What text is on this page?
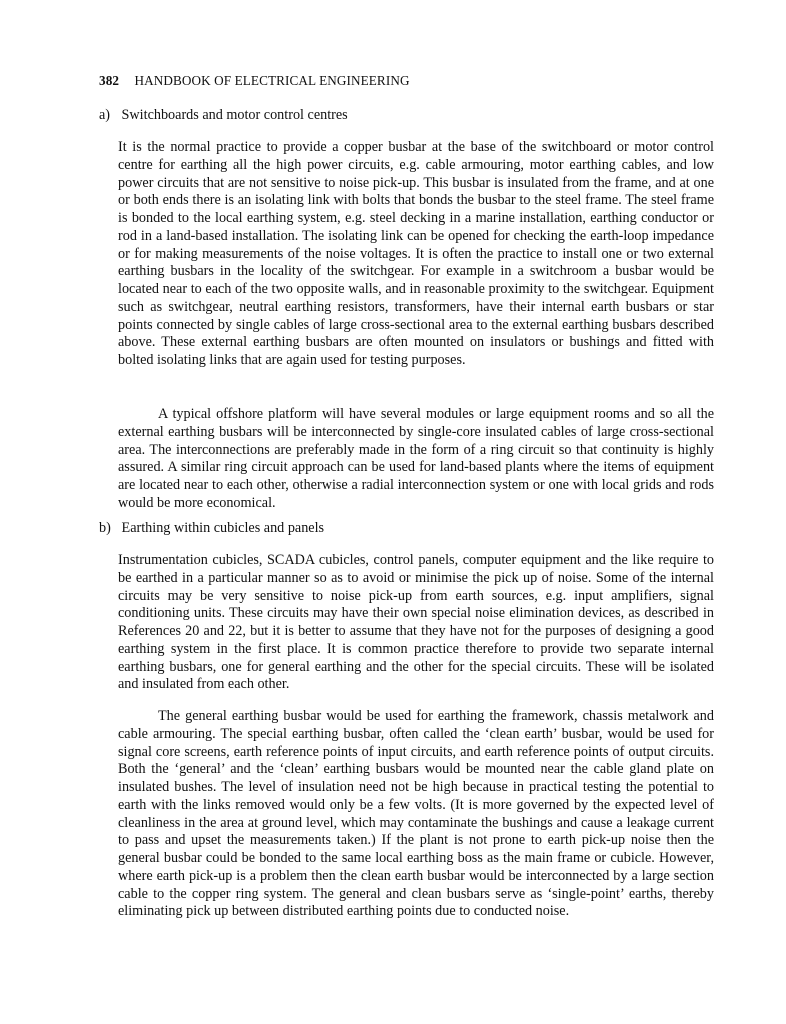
382 HANDBOOK OF ELECTRICAL ENGINEERING
a) Switchboards and motor control centres

It is the normal practice to provide a copper busbar at the base of the switchboard or motor control centre for earthing all the high power circuits, e.g. cable armouring, motor earthing cables, and low power circuits that are not sensitive to noise pick-up. This busbar is insulated from the frame, and at one or both ends there is an isolating link with bolts that bonds the busbar to the steel frame. The steel frame is bonded to the local earthing system, e.g. steel decking in a marine installation, earthing conductor or rod in a land-based installation. The isolating link can be opened for checking the earth-loop impedance or for making measurements of the noise voltages. It is often the practice to install one or two external earthing busbars in the locality of the switchgear. For example in a switchroom a busbar would be located near to each of the two opposite walls, and in reasonable proximity to the switchgear. Equipment such as switchgear, neutral earthing resistors, transformers, have their internal earth busbars or star points connected by single cables of large cross-sectional area to the external earthing busbars described above. These external earthing busbars are often mounted on insulators or bushings and fitted with bolted isolating links that are again used for testing purposes.

A typical offshore platform will have several modules or large equipment rooms and so all the external earthing busbars will be interconnected by single-core insulated cables of large cross-sectional area. The interconnections are preferably made in the form of a ring circuit so that continuity is highly assured. A similar ring circuit approach can be used for land-based plants where the items of equipment are located near to each other, otherwise a radial interconnection system or one with local grids and rods would be more economical.

b) Earthing within cubicles and panels

Instrumentation cubicles, SCADA cubicles, control panels, computer equipment and the like require to be earthed in a particular manner so as to avoid or minimise the pick up of noise. Some of the internal circuits may be very sensitive to noise pick-up from earth sources, e.g. input amplifiers, signal conditioning units. These circuits may have their own special noise elimination devices, as described in References 20 and 22, but it is better to assume that they have not for the purposes of designing a good earthing system in the first place. It is common practice therefore to provide two separate internal earthing busbars, one for general earthing and the other for the special circuits. These will be isolated and insulated from each other.

The general earthing busbar would be used for earthing the framework, chassis metalwork and cable armouring. The special earthing busbar, often called the ‘clean earth’ busbar, would be used for signal core screens, earth reference points of input circuits, and earth reference points of output circuits. Both the ‘general’ and the ‘clean’ earthing busbars would be mounted near the cable gland plate on insulated bushes. The level of insulation need not be high because in practical testing the potential to earth with the links removed would only be a few volts. (It is more governed by the expected level of cleanliness in the area at ground level, which may contaminate the bushings and cause a leakage current to pass and upset the measurements taken.) If the plant is not prone to earth pick-up noise then the general busbar could be bonded to the same local earthing boss as the main frame or cubicle. However, where earth pick-up is a problem then the clean earth busbar would be interconnected by a large section cable to the copper ring system. The general and clean busbars serve as ‘single-point’ earths, thereby eliminating pick up between distributed earthing points due to conducted noise.
